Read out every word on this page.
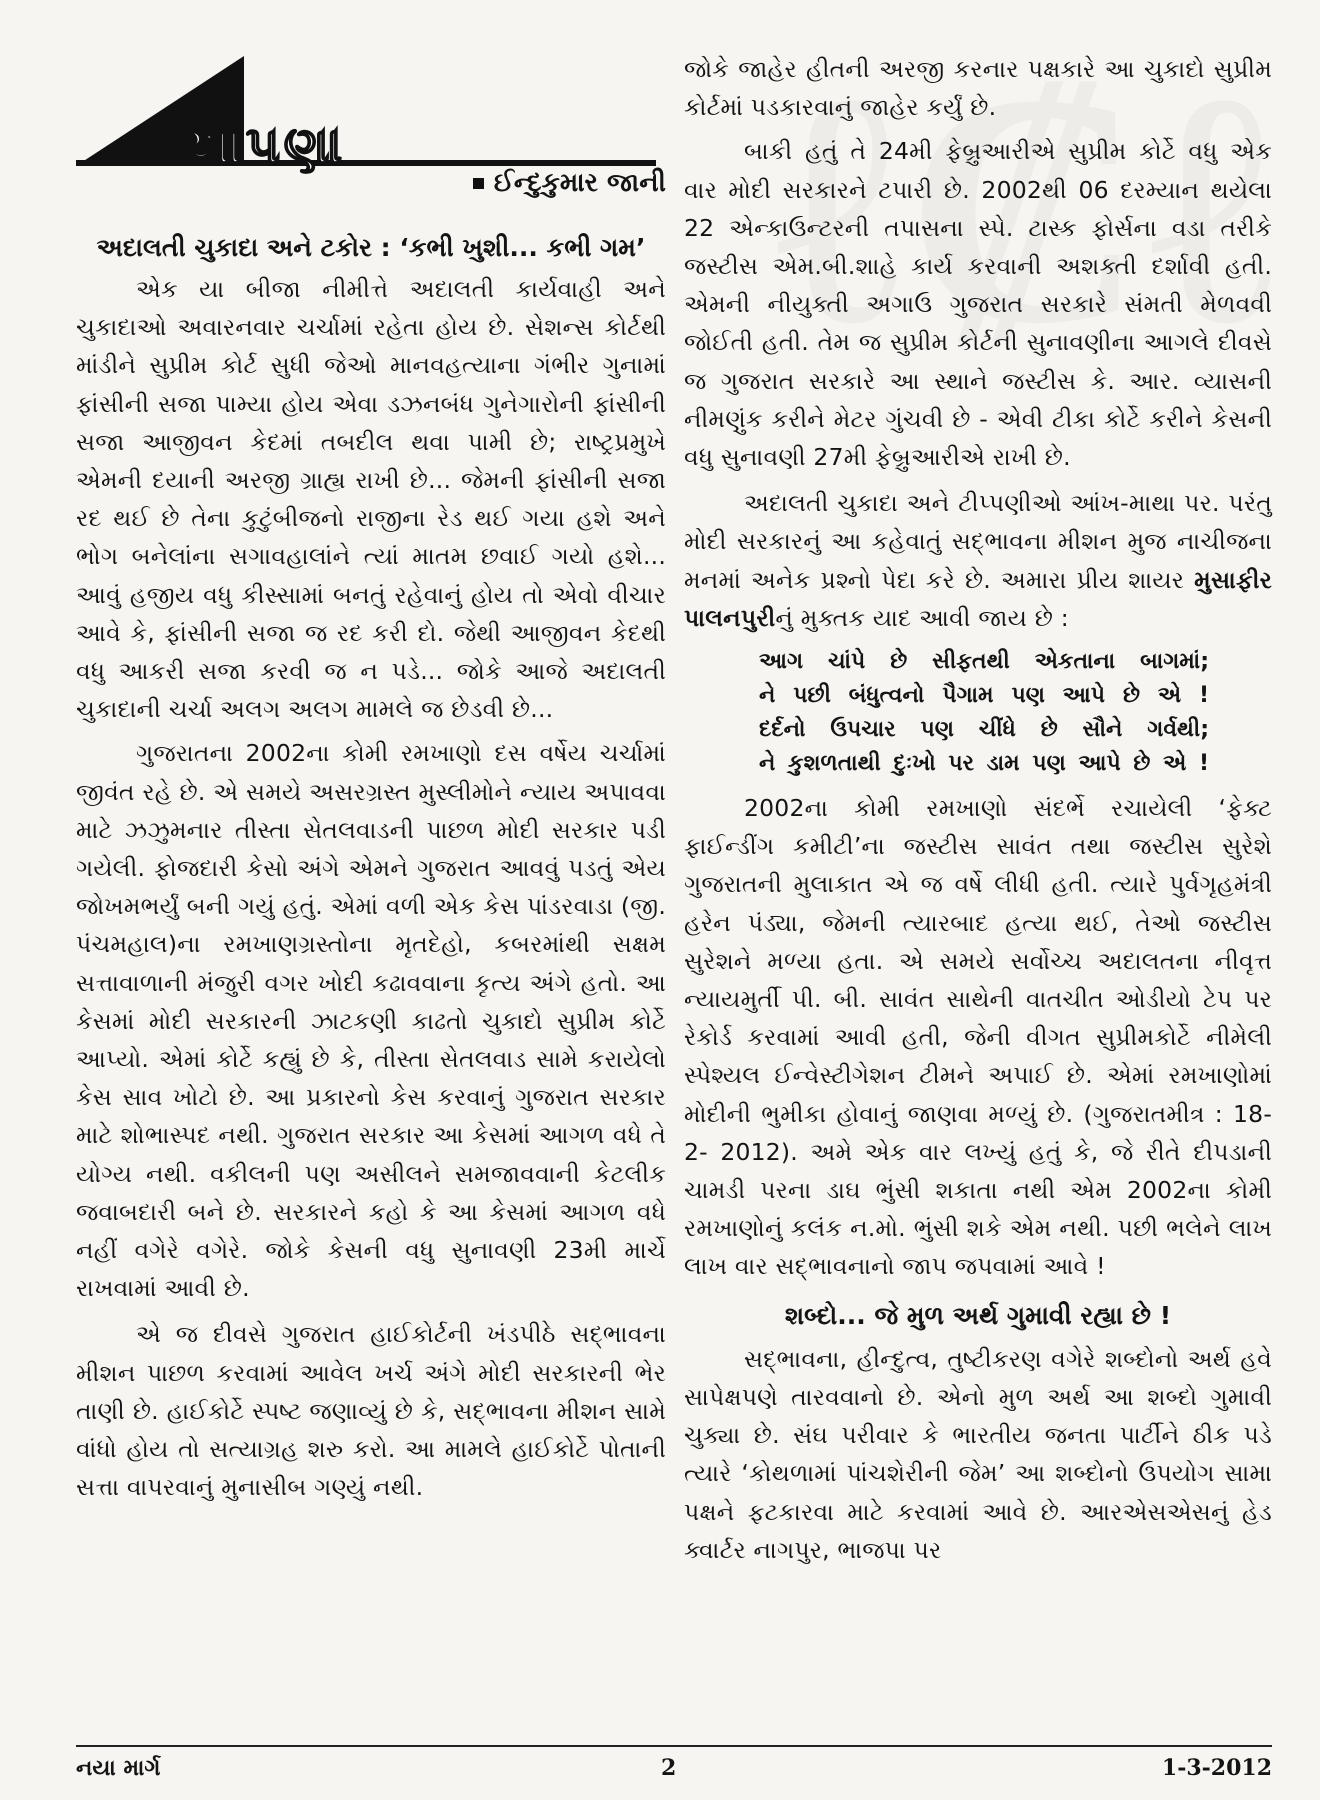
આપણા
ઈન્દુકુમાર જાની

અદાલતી ચુકાદા અને ટકોર : ‘કભી ખુશી... કભી ગમ’

એક યા બીજા નીમીત્તે અદાલતી કાર્યવાહી અને ચુકાદાઓ અવારનવાર ચર્ચામાં રહેતા હોય છે. સેશન્સ કોર્ટથી માંડીને સુપ્રીમ કોર્ટ સુધી જેઓ માનવહત્યાના ગંભીર ગુનામાં ફાંસીની સજા પામ્યા હોય એવા ડઝનબંધ ગુનેગારોની ફાંસીની સજા આજીવન કેદમાં તબદીલ થવા પામી છે; રાષ્ટ્રપ્રમુખે એમની દયાની અરજી ગ્રાહ્ય રાખી છે... જેમની ફાંસીની સજા રદ થઈ છે તેના કુટુંબીજનો રાજીના રેડ થઈ ગયા હશે અને ભોગ બનેલાંના સગાવહાલાંને ત્યાં માતમ છવાઈ ગયો હશે... આવું હજીય વધુ કીસ્સામાં બનતું રહેવાનું હોય તો એવો વીચાર આવે કે, ફાંસીની સજા જ રદ કરી દો. જેથી આજીવન કેદથી વધુ આકરી સજા કરવી જ ન પડે... જોકે આજે અદાલતી ચુકાદાની ચર્ચા અલગ અલગ મામલે જ છેડવી છે...

ગુજરાતના 2002ના કોમી રમખાણો દસ વર્ષેય ચર્ચામાં જીવંત રહે છે. એ સમયે અસરગ્રસ્ત મુસ્લીમોને ન્યાય અપાવવા માટે ઝઝુમનાર તીસ્તા સેતલવાડની પાછળ મોદી સરકાર પડી ગયેલી. ફોજદારી કેસો અંગે એમને ગુજરાત આવવું પડતું એય જોખમભર્યું બની ગયું હતું. એમાં વળી એક કેસ પાંડરવાડા (જી. પંચમહાલ)ના રમખાણગ્રસ્તોના મૃતદેહો, કબરમાંથી સક્ષમ સત્તાવાળાની મંજુરી વગર ખોદી કઢાવવાના કૃત્ય અંગે હતો. આ કેસમાં મોદી સરકારની ઝાટકણી કાઢતો ચુકાદો સુપ્રીમ કોર્ટે આપ્યો. એમાં કોર્ટે કહ્યું છે કે, તીસ્તા સેતલવાડ સામે કરાયેલો કેસ સાવ ખોટો છે. આ પ્રકારનો કેસ કરવાનું ગુજરાત સરકાર માટે શોભાસ્પદ નથી. ગુજરાત સરકાર આ કેસમાં આગળ વધે તે યોગ્ય નથી. વકીલની પણ અસીલને સમજાવવાની કેટલીક જવાબદારી બને છે. સરકારને કહો કે આ કેસમાં આગળ વધે નહીં વગેરે વગેરે. જોકે કેસની વધુ સુનાવણી 23મી માર્ચે રાખવામાં આવી છે.

એ જ દીવસે ગુજરાત હાઈકોર્ટની ખંડપીઠે સદ્ભાવના મીશન પાછળ કરવામાં આવેલ ખર્ચ અંગે મોદી સરકારની ભેર તાણી છે. હાઈકોર્ટે સ્પષ્ટ જણાવ્યું છે કે, સદ્ભાવના મીશન સામે વાંધો હોય તો સત્યાગ્રહ શરુ કરો. આ મામલે હાઈકોર્ટે પોતાની સત્તા વાપરવાનું મુનાસીબ ગણ્યું નથી.

જોકે જાહેર હીતની અરજી કરનાર પક્ષકારે આ ચુકાદો સુપ્રીમ કોર્ટમાં પડકારવાનું જાહેર કર્યું છે.

બાકી હતું તે 24મી ફેબ્રુઆરીએ સુપ્રીમ કોર્ટે વધુ એક વાર મોદી સરકારને ટપારી છે. 2002થી 06 દરમ્યાન થયેલા 22 એન્કાઉન્ટરની તપાસના સ્પે. ટાસ્ક ફોર્સના વડા તરીકે જસ્ટીસ એમ.બી.શાહે કાર્ય કરવાની અશક્તી દર્શાવી હતી. એમની નીયુક્તી અગાઉ ગુજરાત સરકારે સંમતી મેળવવી જોઈતી હતી. તેમ જ સુપ્રીમ કોર્ટની સુનાવણીના આગલે દીવસે જ ગુજરાત સરકારે આ સ્થાને જસ્ટીસ કે. આર. વ્યાસની નીમણુંક કરીને મેટર ગુંચવી છે - એવી ટીકા કોર્ટે કરીને કેસની વધુ સુનાવણી 27મી ફેબ્રુઆરીએ રાખી છે.

અદાલતી ચુકાદા અને ટીપ્પણીઓ આંખ-માથા પર. પરંતુ મોદી સરકારનું આ કહેવાતું સદ્ભાવના મીશન મુજ નાચીજના મનમાં અનેક પ્રશ્નો પેદા કરે છે. અમારા પ્રીય શાયર મુસાફીર પાલનપુરીનું મુક્તક યાદ આવી જાય છે :

આગ ચાંપે છે સીફતથી એકતાના બાગમાં;
ને પછી બંધુત્વનો પૈગામ પણ આપે છે એ !
દર્દનો ઉપચાર પણ ચીંધે છે સૌને ગર્વથી;
ને કુશળતાથી દુઃખો પર ડામ પણ આપે છે એ !

2002ના કોમી રમખાણો સંદર્ભે રચાયેલી ‘ફેક્ટ ફાઈન્ડીંગ કમીટી’ના જસ્ટીસ સાવંત તથા જસ્ટીસ સુરેશે ગુજરાતની મુલાકાત એ જ વર્ષે લીધી હતી. ત્યારે પુર્વગૃહમંત્રી હરેન પંડ્યા, જેમની ત્યારબાદ હત્યા થઈ, તેઓ જસ્ટીસ સુરેશને મળ્યા હતા. એ સમયે સર્વોચ્ચ અદાલતના નીવૃત્ત ન્યાયમુર્તી પી. બી. સાવંત સાથેની વાતચીત ઓડીયો ટેપ પર રેકોર્ડ કરવામાં આવી હતી, જેની વીગત સુપ્રીમકોર્ટે નીમેલી સ્પેશ્યલ ઈન્વેસ્ટીગેશન ટીમને અપાઈ છે. એમાં રમખાણોમાં મોદીની ભુમીકા હોવાનું જાણવા મળ્યું છે. (ગુજરાતમીત્ર : 18-2- 2012). અમે એક વાર લખ્યું હતું કે, જે રીતે દીપડાની ચામડી પરના ડાઘ ભુંસી શકાતા નથી એમ 2002ના કોમી રમખાણોનું કલંક ન.મો. ભુંસી શકે એમ નથી. પછી ભલેને લાખ લાખ વાર સદ્ભાવનાનો જાપ જપવામાં આવે !

શબ્દો... જે મુળ અર્થ ગુમાવી રહ્યા છે !

સદ્ભાવના, હીન્દુત્વ, તુષ્ટીકરણ વગેરે શબ્દોનો અર્થ હવે સાપેક્ષપણે તારવવાનો છે. એનો મુળ અર્થ આ શબ્દો ગુમાવી ચુક્યા છે. સંઘ પરીવાર કે ભારતીય જનતા પાર્ટીને ઠીક પડે ત્યારે ‘કોથળામાં પાંચશેરીની જેમ’ આ શબ્દોનો ઉપયોગ સામા પક્ષને ફટકારવા માટે કરવામાં આવે છે. આરએસએસનું હેડ ક્વાર્ટર નાગપુર, ભાજપા પર

નયા માર્ગ	2	1-3-2012
